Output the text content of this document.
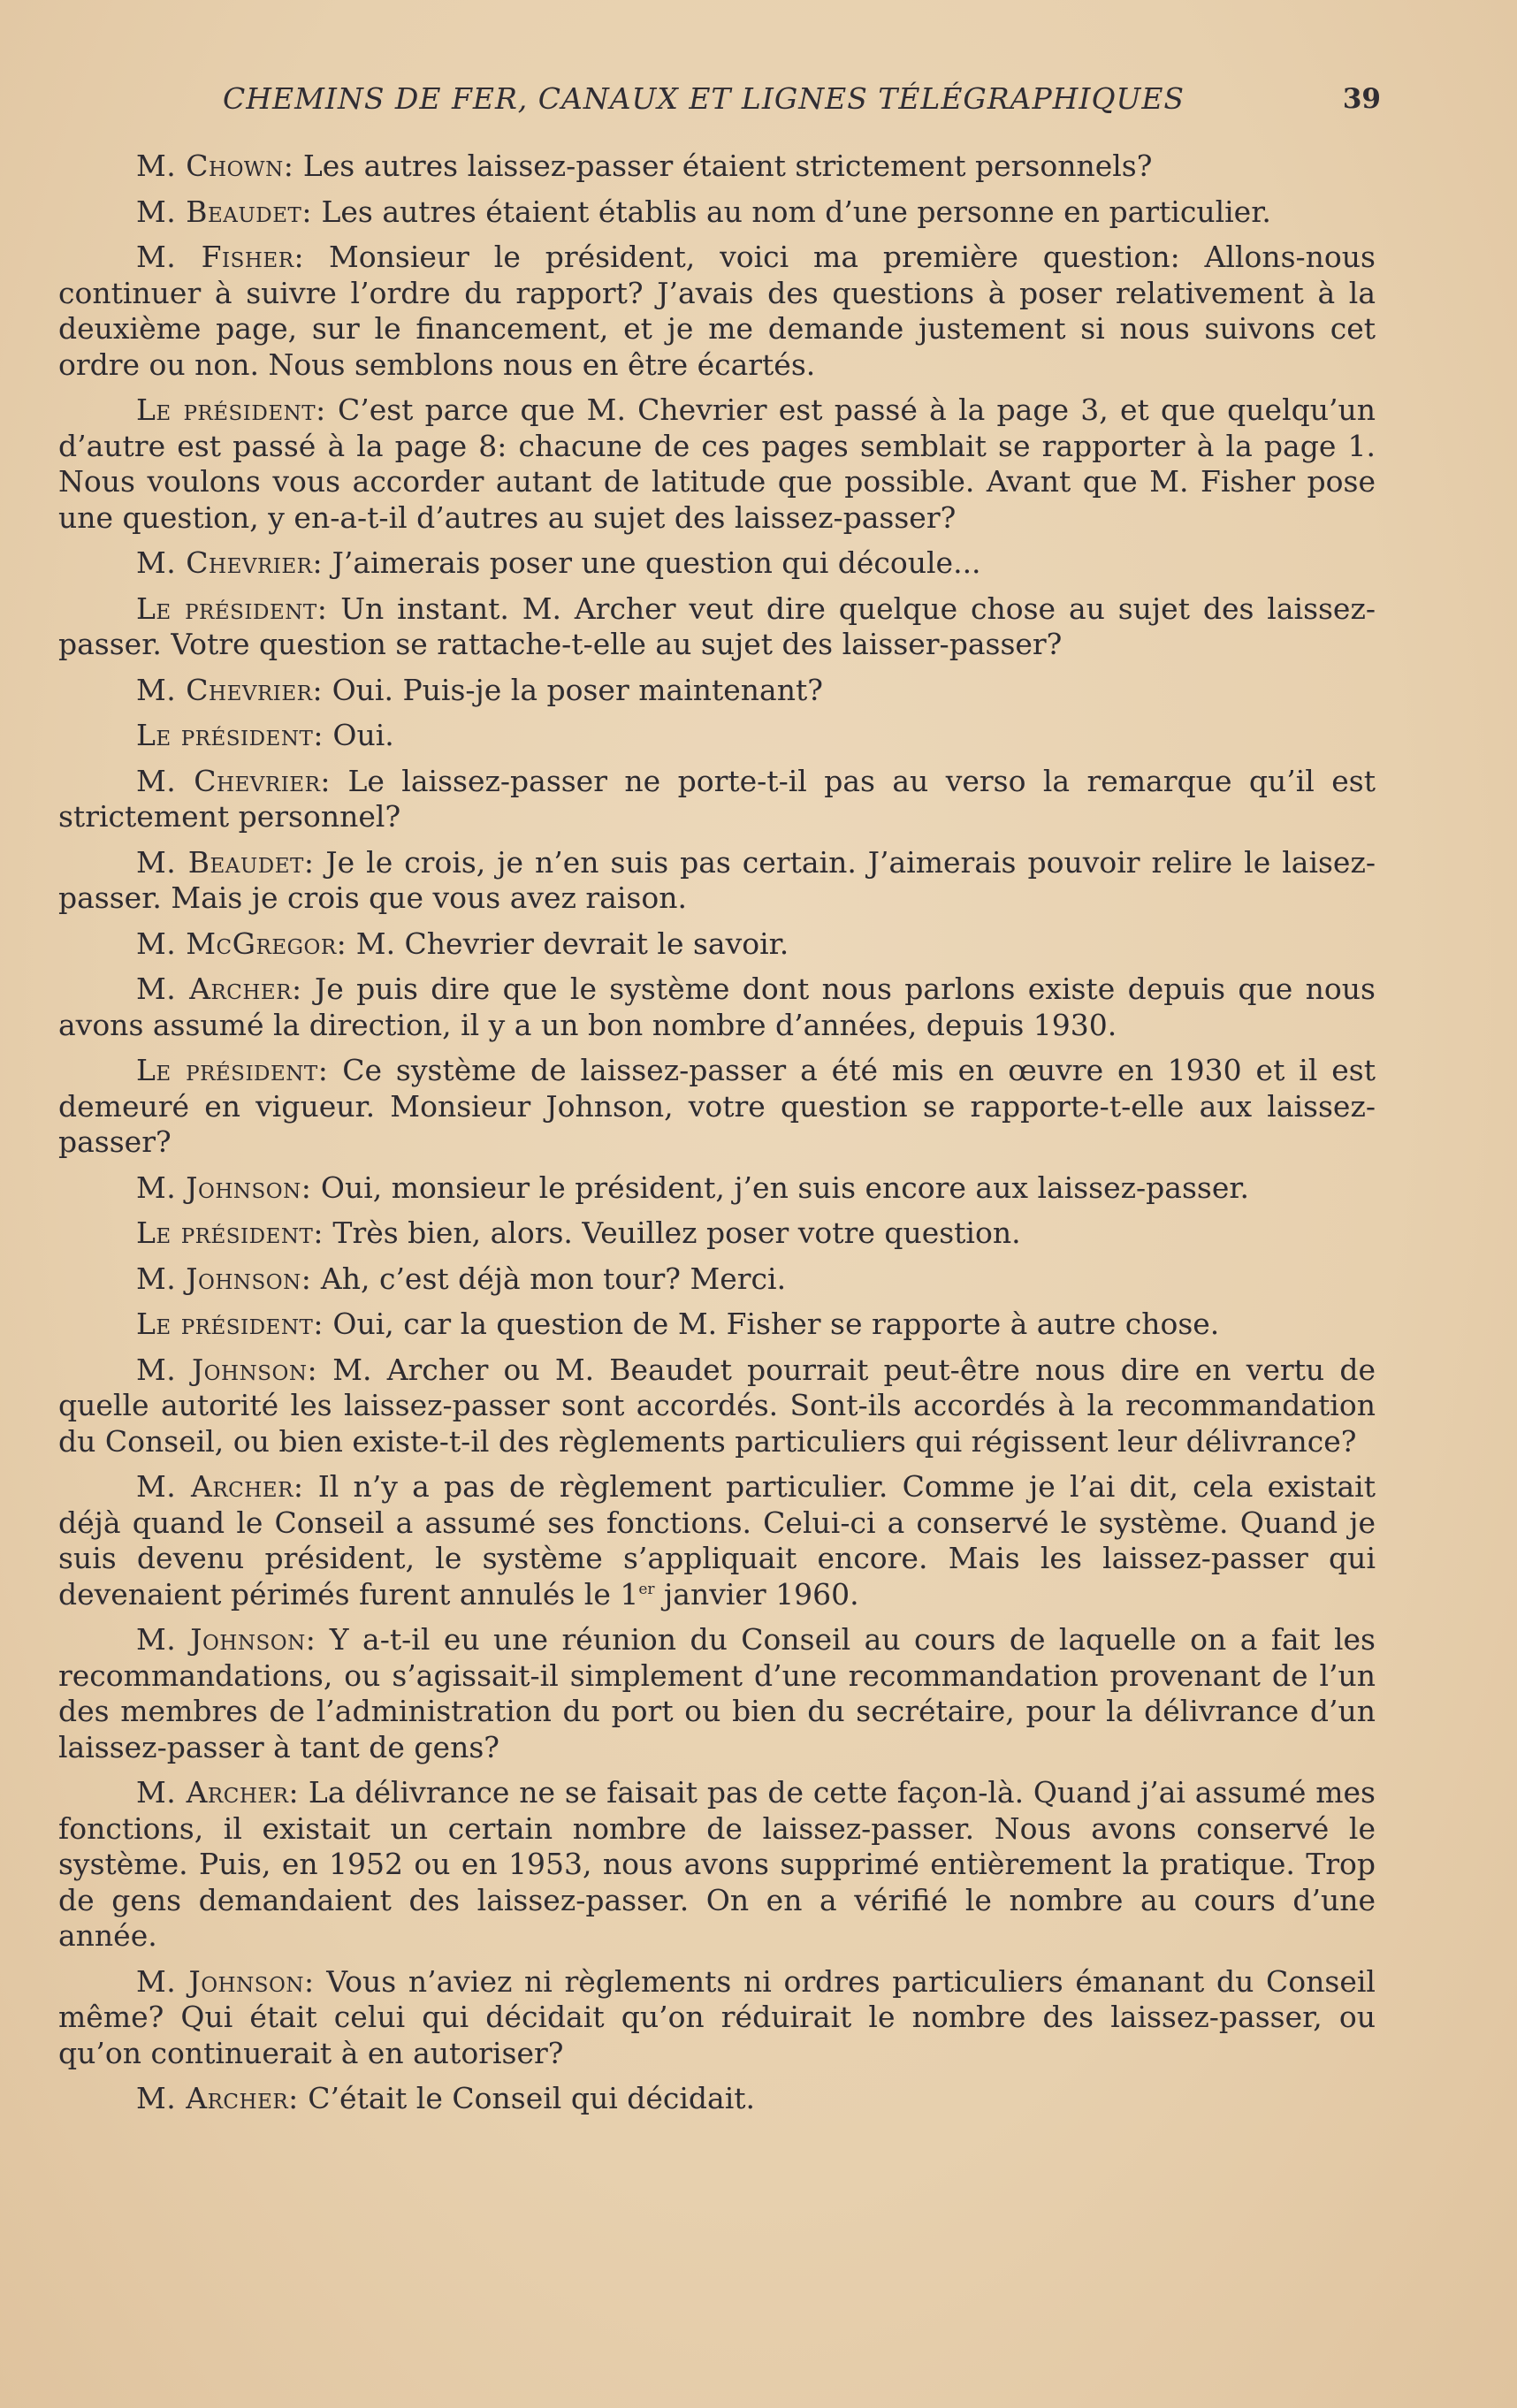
CHEMINS DE FER, CANAUX ET LIGNES TÉLÉGRAPHIQUES	39

M. Chown: Les autres laissez-passer étaient strictement personnels?

M. Beaudet: Les autres étaient établis au nom d’une personne en particulier.

M. Fisher: Monsieur le président, voici ma première question: Allons-nous continuer à suivre l’ordre du rapport? J’avais des questions à poser relativement à la deuxième page, sur le financement, et je me demande justement si nous suivons cet ordre ou non. Nous semblons nous en être écartés.

Le président: C’est parce que M. Chevrier est passé à la page 3, et que quelqu’un d’autre est passé à la page 8: chacune de ces pages semblait se rapporter à la page 1. Nous voulons vous accorder autant de latitude que possible. Avant que M. Fisher pose une question, y en-a-t-il d’autres au sujet des laissez-passer?

M. Chevrier: J’aimerais poser une question qui découle...

Le président: Un instant. M. Archer veut dire quelque chose au sujet des laissez-passer. Votre question se rattache-t-elle au sujet des laisser-passer?

M. Chevrier: Oui. Puis-je la poser maintenant?

Le président: Oui.

M. Chevrier: Le laissez-passer ne porte-t-il pas au verso la remarque qu’il est strictement personnel?

M. Beaudet: Je le crois, je n’en suis pas certain. J’aimerais pouvoir relire le laisez-passer. Mais je crois que vous avez raison.

M. McGregor: M. Chevrier devrait le savoir.

M. Archer: Je puis dire que le système dont nous parlons existe depuis que nous avons assumé la direction, il y a un bon nombre d’années, depuis 1930.

Le président: Ce système de laissez-passer a été mis en œuvre en 1930 et il est demeuré en vigueur. Monsieur Johnson, votre question se rapporte-t-elle aux laissez-passer?

M. Johnson: Oui, monsieur le président, j’en suis encore aux laissez-passer.

Le président: Très bien, alors. Veuillez poser votre question.

M. Johnson: Ah, c’est déjà mon tour? Merci.

Le président: Oui, car la question de M. Fisher se rapporte à autre chose.

M. Johnson: M. Archer ou M. Beaudet pourrait peut-être nous dire en vertu de quelle autorité les laissez-passer sont accordés. Sont-ils accordés à la recommandation du Conseil, ou bien existe-t-il des règlements particuliers qui régissent leur délivrance?

M. Archer: Il n’y a pas de règlement particulier. Comme je l’ai dit, cela existait déjà quand le Conseil a assumé ses fonctions. Celui-ci a conservé le système. Quand je suis devenu président, le système s’appliquait encore. Mais les laissez-passer qui devenaient périmés furent annulés le 1er janvier 1960.

M. Johnson: Y a-t-il eu une réunion du Conseil au cours de laquelle on a fait les recommandations, ou s’agissait-il simplement d’une recommandation provenant de l’un des membres de l’administration du port ou bien du secrétaire, pour la délivrance d’un laissez-passer à tant de gens?

M. Archer: La délivrance ne se faisait pas de cette façon-là. Quand j’ai assumé mes fonctions, il existait un certain nombre de laissez-passer. Nous avons conservé le système. Puis, en 1952 ou en 1953, nous avons supprimé entièrement la pratique. Trop de gens demandaient des laissez-passer. On en a vérifié le nombre au cours d’une année.

M. Johnson: Vous n’aviez ni règlements ni ordres particuliers émanant du Conseil même? Qui était celui qui décidait qu’on réduirait le nombre des laissez-passer, ou qu’on continuerait à en autoriser?

M. Archer: C’était le Conseil qui décidait.
